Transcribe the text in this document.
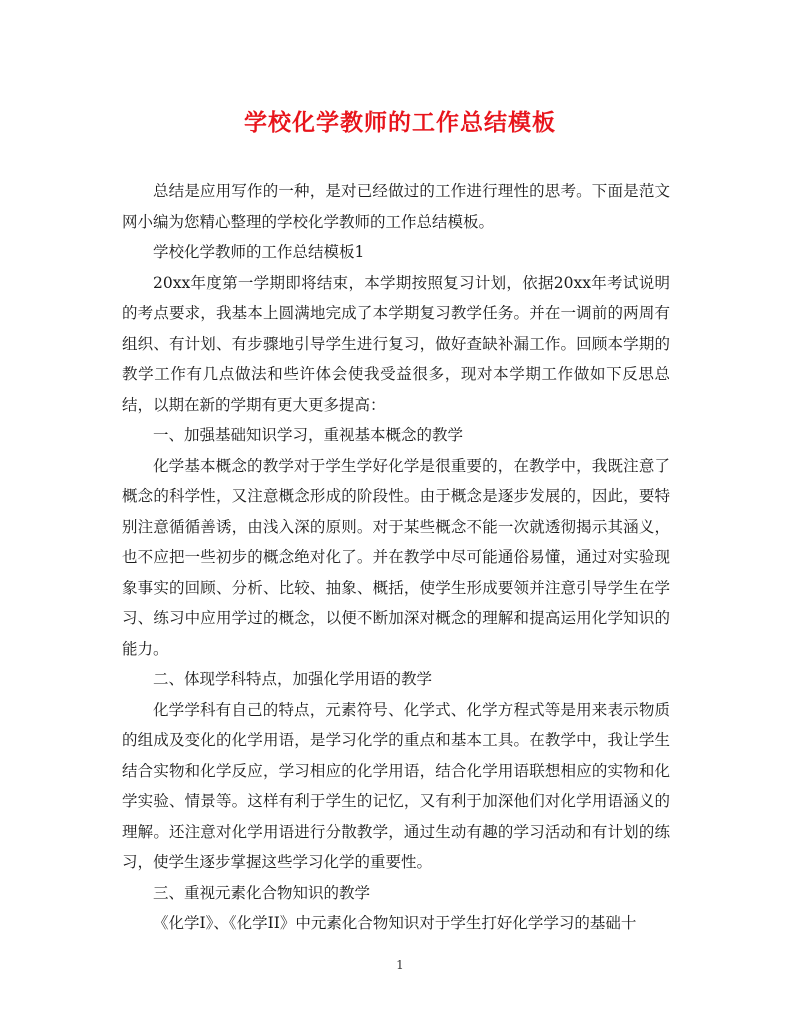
学校化学教师的工作总结模板

总结是应用写作的一种，是对已经做过的工作进行理性的思考。下面是范文网小编为您精心整理的学校化学教师的工作总结模板。

学校化学教师的工作总结模板1

20xx年度第一学期即将结束，本学期按照复习计划，依据20xx年考试说明的考点要求，我基本上圆满地完成了本学期复习教学任务。并在一调前的两周有组织、有计划、有步骤地引导学生进行复习，做好查缺补漏工作。回顾本学期的教学工作有几点做法和些许体会使我受益很多，现对本学期工作做如下反思总结，以期在新的学期有更大更多提高：

一、加强基础知识学习，重视基本概念的教学

化学基本概念的教学对于学生学好化学是很重要的，在教学中，我既注意了概念的科学性，又注意概念形成的阶段性。由于概念是逐步发展的，因此，要特别注意循循善诱，由浅入深的原则。对于某些概念不能一次就透彻揭示其涵义，也不应把一些初步的概念绝对化了。并在教学中尽可能通俗易懂，通过对实验现象事实的回顾、分析、比较、抽象、概括，使学生形成要领并注意引导学生在学习、练习中应用学过的概念，以便不断加深对概念的理解和提高运用化学知识的能力。

二、体现学科特点，加强化学用语的教学

化学学科有自己的特点，元素符号、化学式、化学方程式等是用来表示物质的组成及变化的化学用语，是学习化学的重点和基本工具。在教学中，我让学生结合实物和化学反应，学习相应的化学用语，结合化学用语联想相应的实物和化学实验、情景等。这样有利于学生的记忆，又有利于加深他们对化学用语涵义的理解。还注意对化学用语进行分散教学，通过生动有趣的学习活动和有计划的练习，使学生逐步掌握这些学习化学的重要性。

三、重视元素化合物知识的教学

《化学I》、《化学II》中元素化合物知识对于学生打好化学学习的基础十

1
